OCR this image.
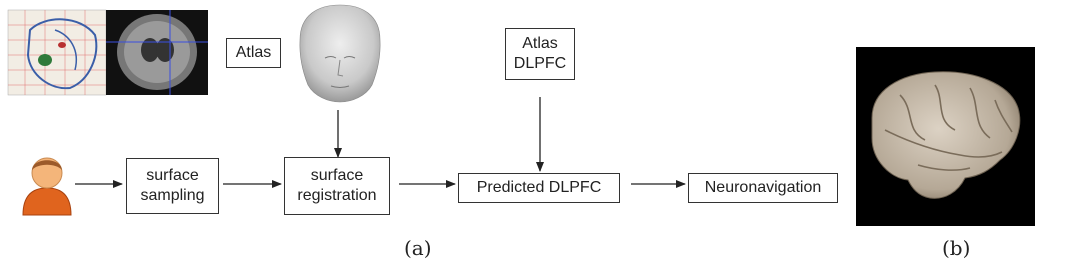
Atlas
Atlas
DLPFC
surface
sampling
surface
registration	Predicted DLPFC	Neuronavigation
(a)	(b)
